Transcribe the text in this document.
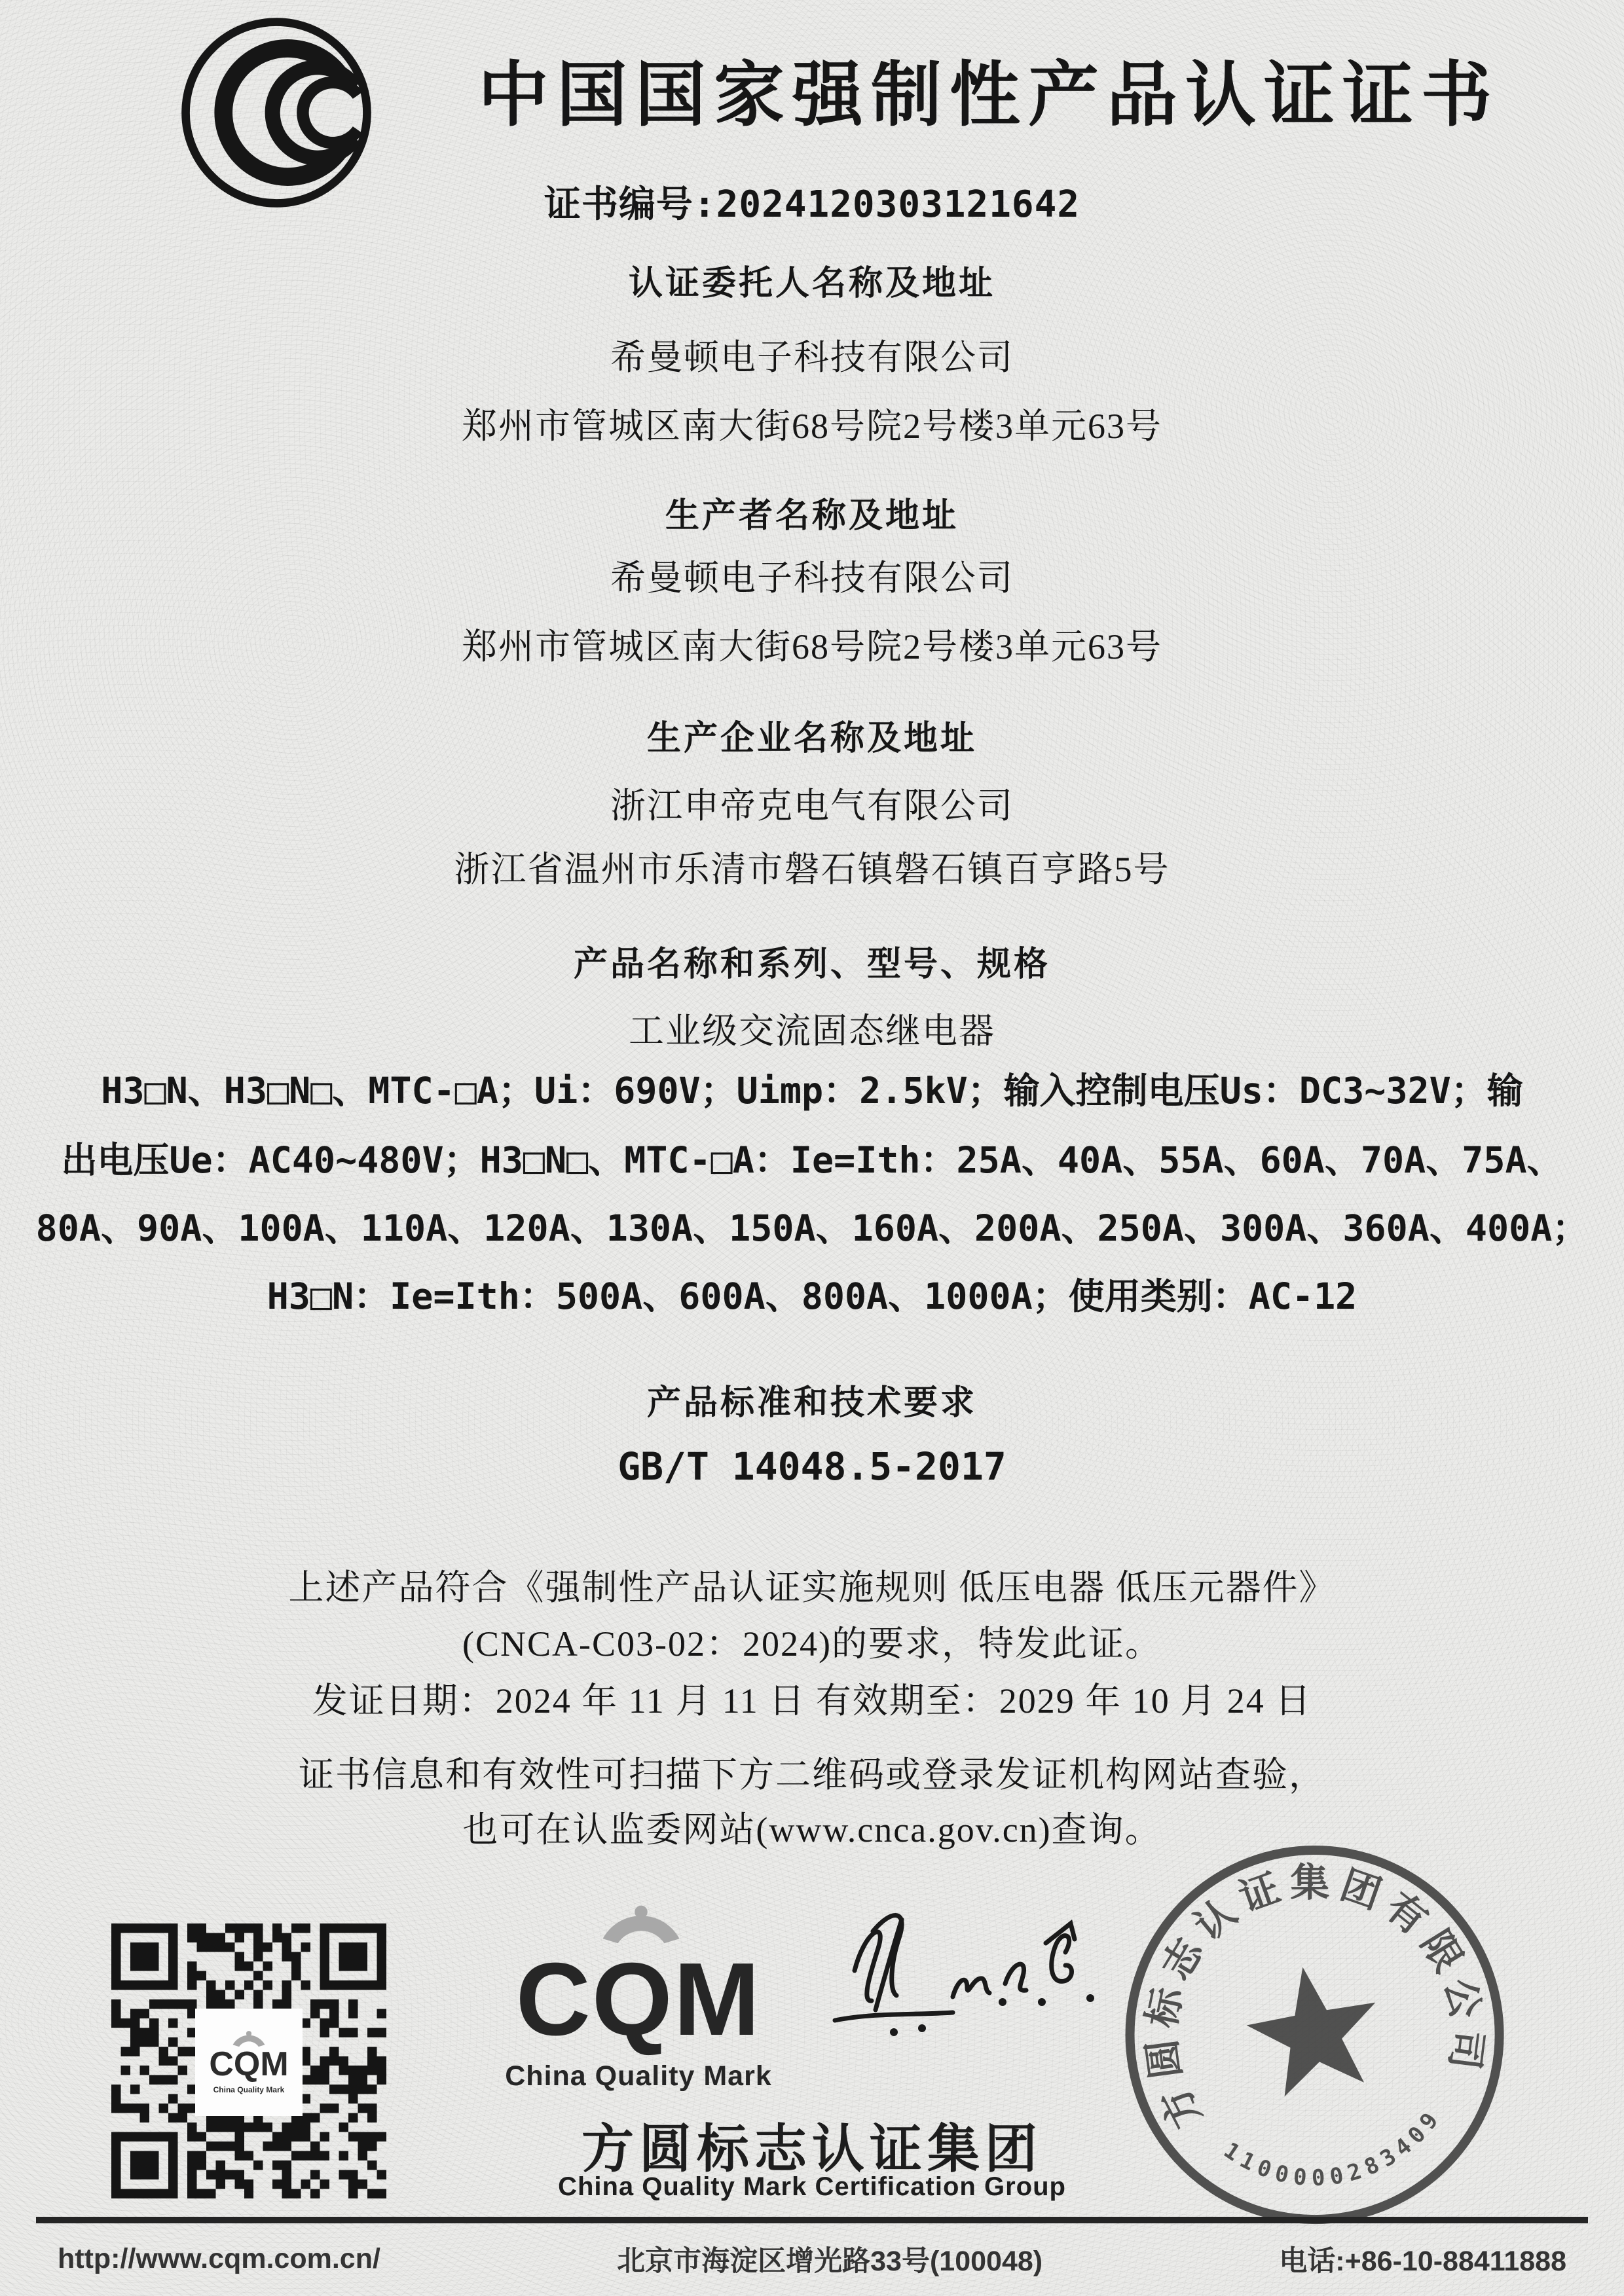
中国国家强制性产品认证证书
证书编号:2024120303121642
认证委托人名称及地址
希曼顿电子科技有限公司
郑州市管城区南大街68号院2号楼3单元63号
生产者名称及地址
希曼顿电子科技有限公司
郑州市管城区南大街68号院2号楼3单元63号
生产企业名称及地址
浙江申帝克电气有限公司
浙江省温州市乐清市磐石镇磐石镇百亨路5号
产品名称和系列、型号、规格
工业级交流固态继电器
H3□N、H3□N□、MTC-□A；Ui：690V；Uimp：2.5kV；输入控制电压Us：DC3~32V；输
出电压Ue：AC40~480V；H3□N□、MTC-□A：Ie=Ith：25A、40A、55A、60A、70A、75A、
80A、90A、100A、110A、120A、130A、150A、160A、200A、250A、300A、360A、400A；
H3□N：Ie=Ith：500A、600A、800A、1000A；使用类别：AC-12
产品标准和技术要求
GB/T 14048.5-2017
上述产品符合《强制性产品认证实施规则 低压电器 低压元器件》
(CNCA-C03-02：2024)的要求，特发此证。
发证日期：2024 年 11 月 11 日 有效期至：2029 年 10 月 24 日
证书信息和有效性可扫描下方二维码或登录发证机构网站查验，
也可在认监委网站(www.cnca.gov.cn)查询。
CQM
China Quality Mark
CQM
China Quality Mark
方圆标志认证集团
China Quality Mark Certification Group
方圆标志认证集团有限公司
1100000283409
http://www.cqm.com.cn/	北京市海淀区增光路33号(100048)	电话:+86-10-88411888
